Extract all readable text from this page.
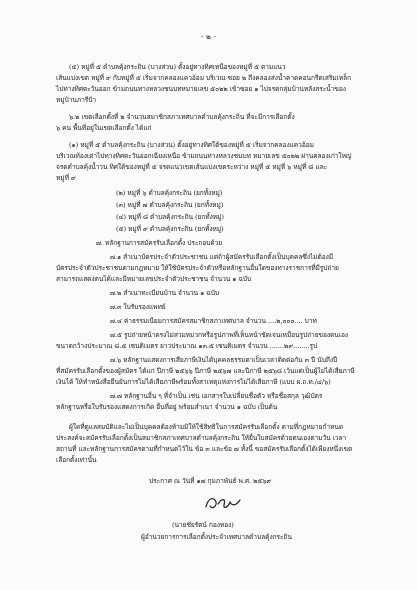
- ๒ -
(๕) หมู่ที่ ๕ ตำบลคุ้งกระถิน (บางส่วน) ตั้งอยู่ทางทิศเหนือของหมู่ที่ ๕ ตามแนว
เส้นแบ่งเขต หมู่ที่ ๙ กับหมู่ที่ ๕ เริ่มจากคลองแควอ้อม บริเวณ ซอย ๒ ถึงคลองส่งน้ำคาดคอนกรีตเสริมเหล็ก
ไปทางทิศตะวันออก ข้ามถนนทางหลวงชนบทหมายเลข ๕๐๒๒ เข้าซอย ๑ ไปจรดกลุ่มบ้านหลังสระน้ำของ
หมู่บ้านภารีป้า
๖.๒ เขตเลือกตั้งที่ ๒ จำนวนสมาชิกสภาเทศบาลตำบลคุ้งกระถิน ที่จะมีการเลือกตั้ง
๖ คน พื้นที่อยู่ในเขตเลือกตั้ง ได้แก่
(๑) หมู่ที่ ๕ ตำบลคุ้งกระถิน (บางส่วน) ตั้งอยู่ทางทิศใต้ของหมู่ที่ ๕ เริ่มจากคลองแควอ้อม
บริเวณท้องเต่าไปทางทิศตะวันออกเฉียงเหนือ ข้ามถนนทางหลวงชนบท หมายเลข ๕๐๒๒ ผ่านคลองเก่าใหญ่
จรดตำบลคุ้งน้ำวน ทิศใต้ของหมู่ที่ ๕ จรดแนวเขตเส้นแบ่งเขตระหว่าง หมู่ที่ ๕ หมู่ที่ ๖ หมู่ที่ ๘ และ
หมู่ที่ ๙
(๒) หมู่ที่ ๖ ตำบลคุ้งกระถิน (ยกทั้งหมู่)
(๓) หมู่ที่ ๗ ตำบลคุ้งกระถิน (ยกทั้งหมู่)
(๔) หมู่ที่ ๘ ตำบลคุ้งกระถิน (ยกทั้งหมู่)
(๕) หมู่ที่ ๙ ตำบลคุ้งกระถิน (ยกทั้งหมู่)
๗. หลักฐานการสมัครรับเลือกตั้ง ประกอบด้วย
๗.๑ สำเนาบัตรประจำตัวประชาชน แต่ถ้าผู้สมัครรับเลือกตั้งเป็นบุคคลซึ่งไม่ต้องมี
บัตรประจำตัวประชาชนตามกฎหมาย ให้ใช้บัตรประจำตัวหรือหลักฐานอื่นใดของทางราชการที่มีรูปถ่าย
สามารถแสดงตนได้และมีหมายเลขประจำตัวประชาชน จำนวน ๑ ฉบับ
๗.๒ สำเนาทะเบียนบ้าน จำนวน ๑ ฉบับ
๗.๓ ใบรับรองแพทย์
๗.๔ ค่าธรรมเนียมการสมัครสมาชิกสภาเทศบาล จำนวน ....๒,๐๐๐.... บาท
๗.๕ รูปถ่ายหน้าตรงไม่สวมหมวกหรือรูปภาพที่เห็นหน้าชัดเจนเหมือนรูปถ่ายของตนเอง
ขนาดกว้างประมาณ ๘.๕ เซนติเมตร ยาวประมาณ ๑๓.๕ เซนติเมตร จำนวน .......๒๙........รูป
๗.๖ หลักฐานแสดงการเสียภาษีเงินได้บุคคลธรรมดาเป็นเวลาติดต่อกัน ๓ ปี นับถึงปี
ที่สมัครรับเลือกตั้งของผู้สมัคร ได้แก่ ปีภาษี ๒๕๖๖ ปีภาษี ๒๕๖๗ และปีภาษี ๒๕๖๘ เว้นแต่เป็นผู้ไม่ได้เสียภาษี
เงินได้ ให้ทำหนังสือยืนยันการไม่ได้เสียภาษีพร้อมทั้งสาเหตุแห่งการไม่ได้เสียภาษี (แบบ ผ.ถ.ท./๔/๖)
๗.๗ หลักฐานอื่น ๆ ที่จำเป็น เช่น เอกสารใบเปลี่ยนชื่อตัว หรือชื่อสกุล วุฒิบัตร
หลักฐานหรือใบรับรองแสดงการเกิด อื่นที่อยู่ พร้อมสำเนา จำนวน ๑ ฉบับ เป็นต้น
ผู้ใดที่ดูแลสมบัติและไม่เป็นบุคคลต้องห้ามมิให้ใช้สิทธิในการสมัครรับเลือกตั้ง ตามที่กฎหมายกำหนด
ประสงค์จะสมัครรับเลือกตั้งเป็นสมาชิกสภาเทศบาลตำบลคุ้งกระถิน ให้ยื่นใบสมัครด้วยตนเองตามวัน เวลา
สถานที่ และหลักฐานการสมัครตามที่กำหนดไว้ใน ข้อ ๓ และข้อ ๗ ทั้งนี้ ขอสมัครรับเลือกตั้งได้เพียงหนึ่งเขต
เลือกตั้งเท่านั้น
ประกาศ ณ วันที่ ๑๗ กุมภาพันธ์ พ.ศ. ๒๕๖๙
(นายชัยรัตน์ กองทอง)
ผู้อำนวยการการเลือกตั้งประจำเทศบาลตำบลคุ้งกระถิน
